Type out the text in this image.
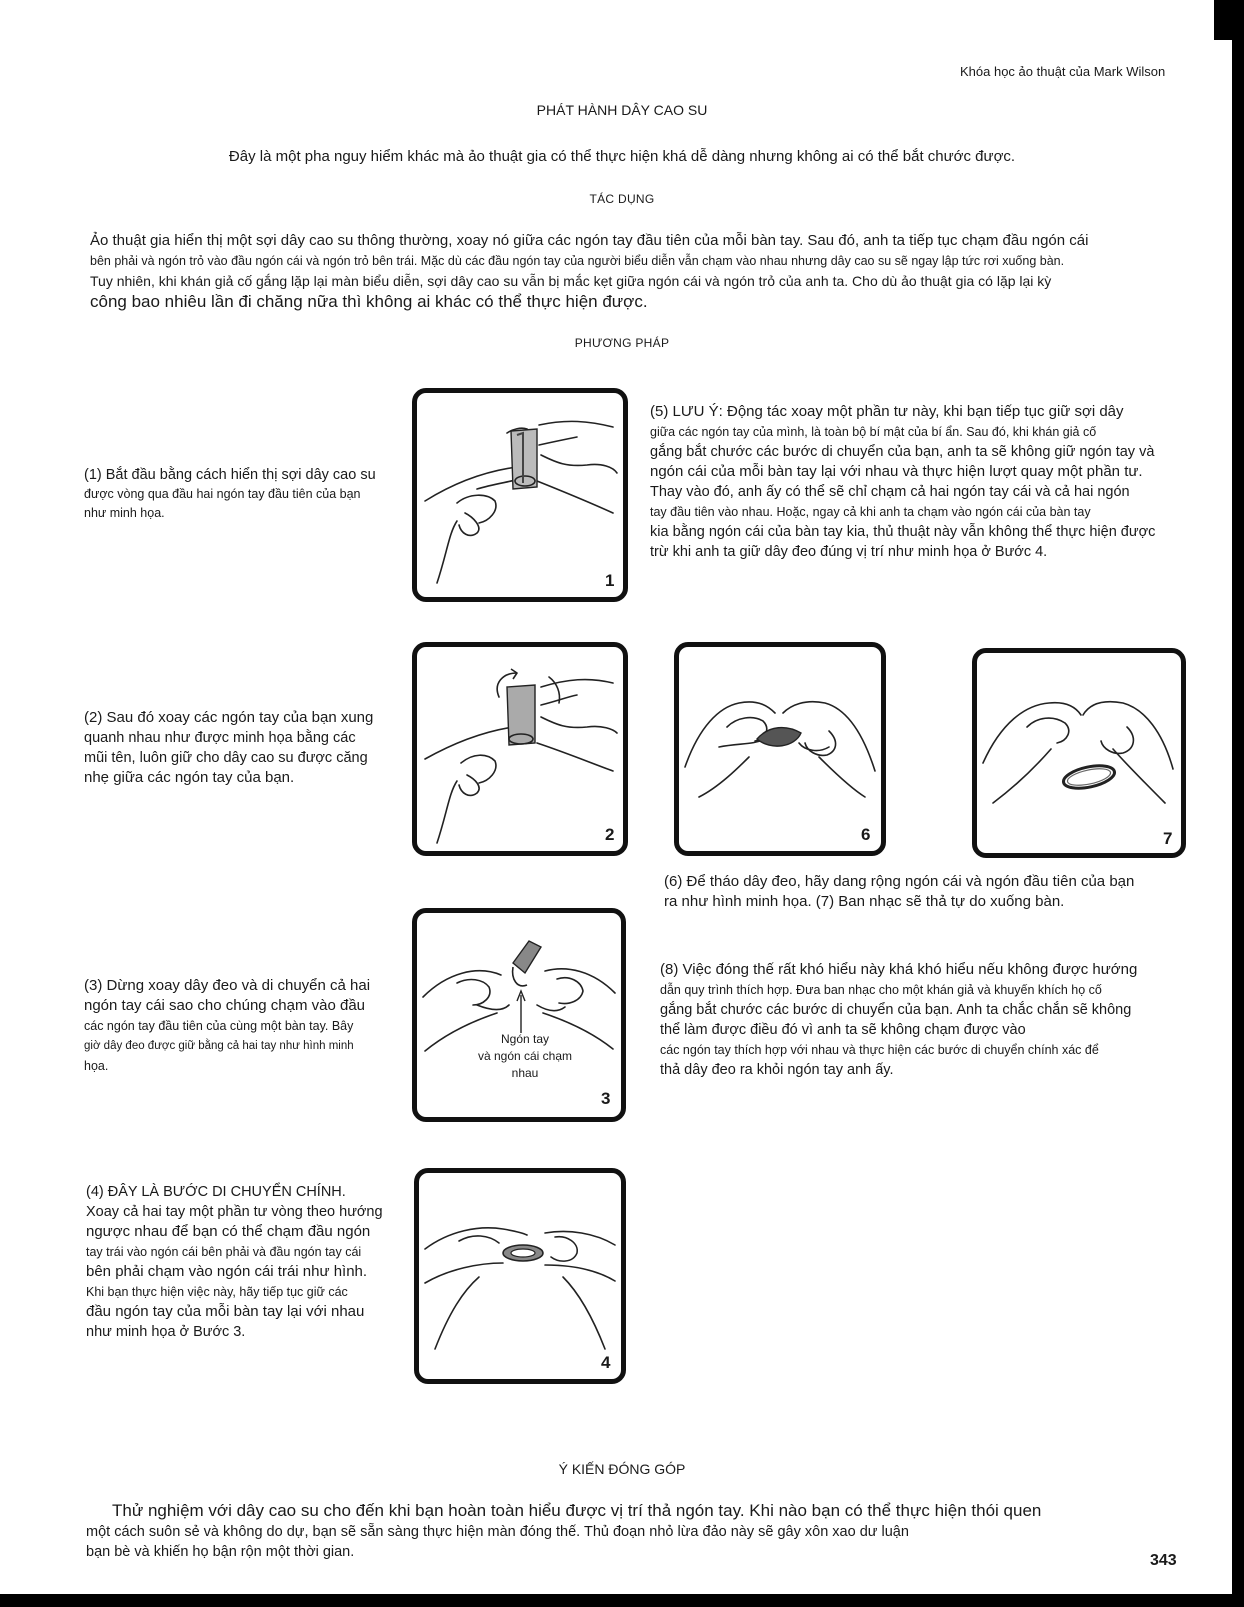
Khóa học ảo thuật của Mark Wilson
PHÁT HÀNH DÂY CAO SU
Đây là một pha nguy hiểm khác mà ảo thuật gia có thể thực hiện khá dễ dàng nhưng không ai có thể bắt chước được.
TÁC DỤNG

Ảo thuật gia hiển thị một sợi dây cao su thông thường, xoay nó giữa các ngón tay đầu tiên của mỗi bàn tay. Sau đó, anh ta tiếp tục chạm đầu ngón cái

bên phải và ngón trỏ vào đầu ngón cái và ngón trỏ bên trái. Mặc dù các đầu ngón tay của người biểu diễn vẫn chạm vào nhau nhưng dây cao su sẽ ngay lập tức rơi xuống bàn.

Tuy nhiên, khi khán giả cố gắng lặp lại màn biểu diễn, sợi dây cao su vẫn bị mắc kẹt giữa ngón cái và ngón trỏ của anh ta. Cho dù ảo thuật gia có lặp lại kỳ

công bao nhiêu lần đi chăng nữa thì không ai khác có thể thực hiện được.

PHƯƠNG PHÁP

(1) Bắt đầu bằng cách hiển thị sợi dây cao su

được vòng qua đầu hai ngón tay đầu tiên của bạn

như minh họa.

1

(5) LƯU Ý: Động tác xoay một phần tư này, khi bạn tiếp tục giữ sợi dây

giữa các ngón tay của mình, là toàn bộ bí mật của bí ẩn. Sau đó, khi khán giả cố

gắng bắt chước các bước di chuyển của bạn, anh ta sẽ không giữ ngón tay và

ngón cái của mỗi bàn tay lại với nhau và thực hiện lượt quay một phần tư.

Thay vào đó, anh ấy có thể sẽ chỉ chạm cả hai ngón tay cái và cả hai ngón

tay đầu tiên vào nhau. Hoặc, ngay cả khi anh ta chạm vào ngón cái của bàn tay

kia bằng ngón cái của bàn tay kia, thủ thuật này vẫn không thể thực hiện được

trừ khi anh ta giữ dây đeo đúng vị trí như minh họa ở Bước 4.

(2) Sau đó xoay các ngón tay của bạn xung

quanh nhau như được minh họa bằng các

mũi tên, luôn giữ cho dây cao su được căng

nhẹ giữa các ngón tay của bạn.

2	6	7

(6) Để tháo dây đeo, hãy dang rộng ngón cái và ngón đầu tiên của bạn

ra như hình minh họa. (7) Ban nhạc sẽ thả tự do xuống bàn.

(3) Dừng xoay dây đeo và di chuyển cả hai

ngón tay cái sao cho chúng chạm vào đầu

các ngón tay đầu tiên của cùng một bàn tay. Bây

giờ dây đeo được giữ bằng cả hai tay như hình minh

họa.

Ngón tay
và ngón cái chạm
nhau
3

(8) Việc đóng thế rất khó hiểu này khá khó hiểu nếu không được hướng

dẫn quy trình thích hợp. Đưa ban nhạc cho một khán giả và khuyến khích họ cố

gắng bắt chước các bước di chuyển của bạn. Anh ta chắc chắn sẽ không

thể làm được điều đó vì anh ta sẽ không chạm được vào

các ngón tay thích hợp với nhau và thực hiện các bước di chuyển chính xác để

thả dây đeo ra khỏi ngón tay anh ấy.

(4) ĐÂY LÀ BƯỚC DI CHUYỂN CHÍNH.

Xoay cả hai tay một phần tư vòng theo hướng

ngược nhau để bạn có thể chạm đầu ngón

tay trái vào ngón cái bên phải và đầu ngón tay cái

bên phải chạm vào ngón cái trái như hình.

Khi bạn thực hiện việc này, hãy tiếp tục giữ các

đầu ngón tay của mỗi bàn tay lại với nhau

như minh họa ở Bước 3.

4
Ý KIẾN ĐÓNG GÓP

Thử nghiệm với dây cao su cho đến khi bạn hoàn toàn hiểu được vị trí thả ngón tay. Khi nào bạn có thể thực hiện thói quen

một cách suôn sẻ và không do dự, bạn sẽ sẵn sàng thực hiện màn đóng thế. Thủ đoạn nhỏ lừa đảo này sẽ gây xôn xao dư luận

bạn bè và khiến họ bận rộn một thời gian.	343
